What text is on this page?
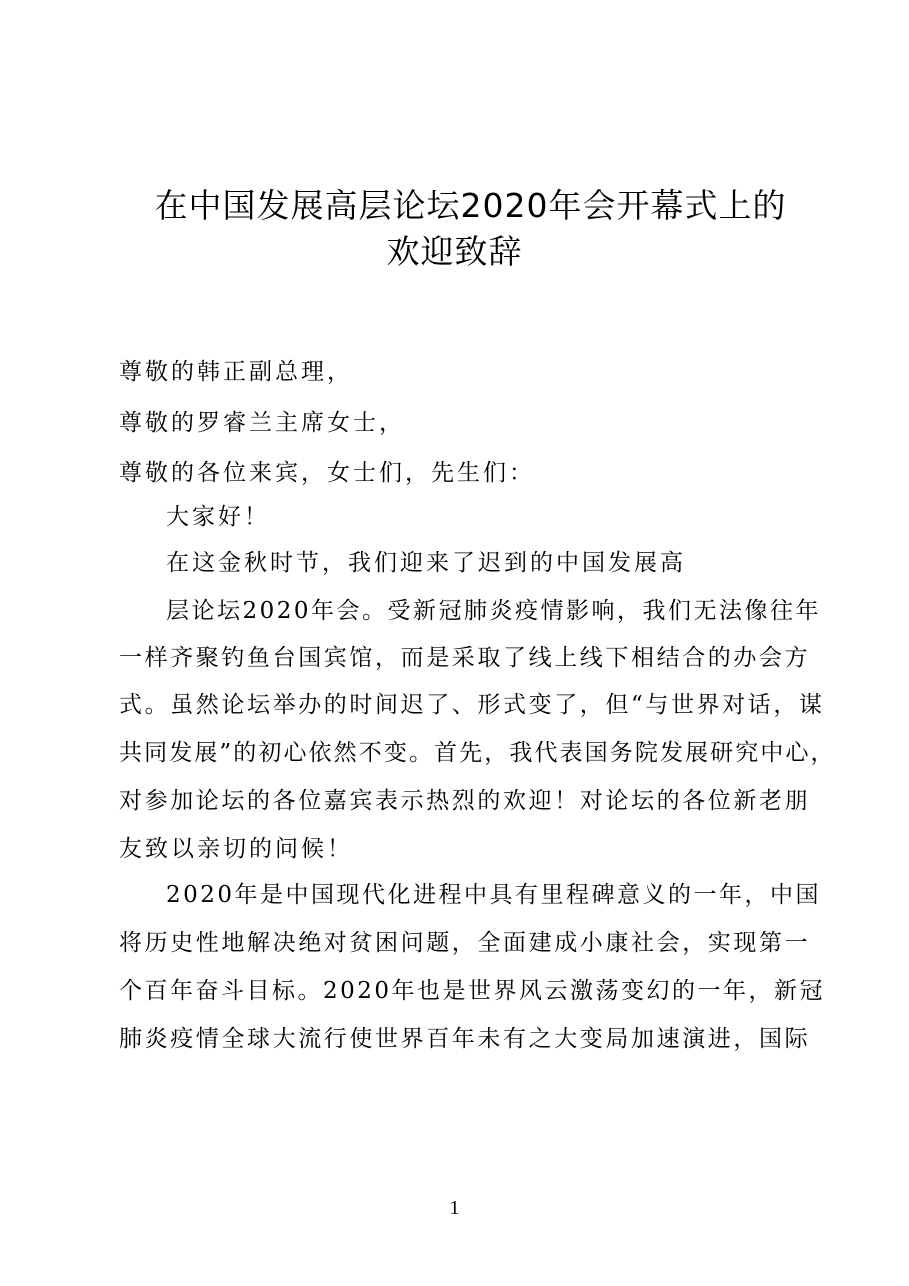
在中国发展高层论坛2020年会开幕式上的
欢迎致辞
尊敬的韩正副总理，
尊敬的罗睿兰主席女士，
尊敬的各位来宾，女士们，先生们：
大家好！
在这金秋时节，我们迎来了迟到的中国发展高
层论坛2020年会。受新冠肺炎疫情影响，我们无法像往年
一样齐聚钓鱼台国宾馆，而是采取了线上线下相结合的办会方
式。虽然论坛举办的时间迟了、形式变了，但“与世界对话，谋
共同发展”的初心依然不变。首先，我代表国务院发展研究中心，
对参加论坛的各位嘉宾表示热烈的欢迎！对论坛的各位新老朋
友致以亲切的问候！
2020年是中国现代化进程中具有里程碑意义的一年，中国
将历史性地解决绝对贫困问题，全面建成小康社会，实现第一
个百年奋斗目标。2020年也是世界风云激荡变幻的一年，新冠
肺炎疫情全球大流行使世界百年未有之大变局加速演进，国际
1
